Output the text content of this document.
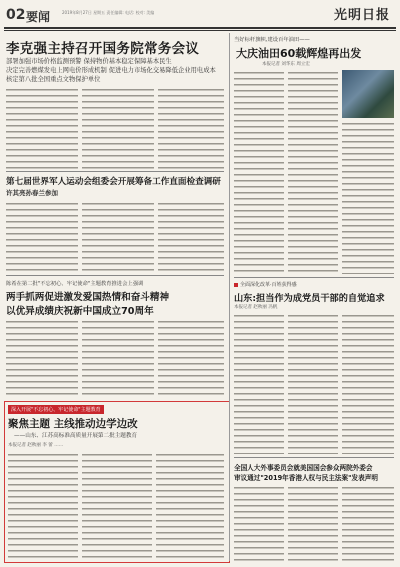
02 要闻	2019年8月27日 星期五 责任编辑: 电话: 校对: 美编	光明日报
李克强主持召开国务院常务会议
部署加强市场价格监测预警 保持物价基本稳定保障基本民生
决定完善燃煤发电上网电价形成机制 促进电力市场化交易降低企业用电成本
核定第八批全国重点文物保护单位
第七届世界军人运动会组委会开展筹备工作直面检查调研
许其亮孙春兰参加
陈希在第二批"不忘初心、牢记使命"主题教育推进会上强调
两手抓两促进激发爱国热情和奋斗精神
以优异成绩庆祝新中国成立70周年
深入开展"不忘初心、牢记使命"主题教育
聚焦主题 主线推动边学边改
——山东、江苏高标准高质量开展第二批主题教育
本报记者 赵秋丽 李 蕾 ……
当好标杆旗帜,建设百年油田——
大庆油田60载辉煌再出发
本报记者 刘华东 周立宏
全面深化改革·百姓获得感
山东:担当作为成党员干部的自觉追求
本报记者 赵秋丽 冯帆
全国人大外事委员会就美国国会参众两院外委会
审议通过"2019年香港人权与民主法案"发表声明
